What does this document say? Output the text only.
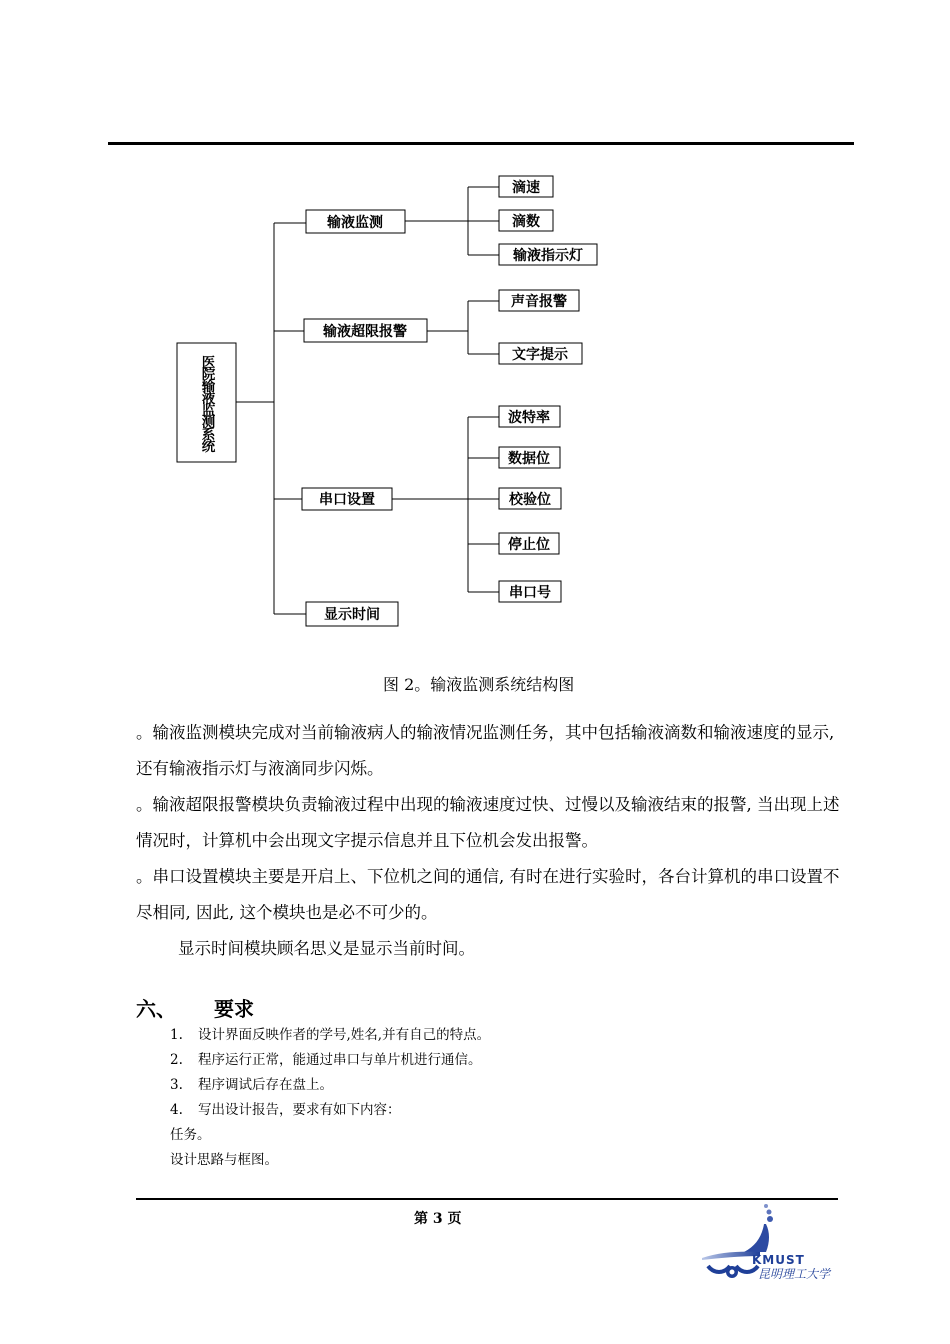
输液监测
输液超限报警
串口设置
显示时间
滴速
滴数
输液指示灯
声音报警
文字提示
波特率
数据位
校验位
停止位
串口号
医院输液监测系统
图 2。输液监测系统结构图
。输液监测模块完成对当前输液病人的输液情况监测任务，其中包括输液滴数和输液速度的显示, 还有输液指示灯与液滴同步闪烁。
。输液超限报警模块负责输液过程中出现的输液速度过快、过慢以及输液结束的报警, 当出现上述情况时，计算机中会出现文字提示信息并且下位机会发出报警。
。串口设置模块主要是开启上、下位机之间的通信, 有时在进行实验时，各台计算机的串口设置不尽相同, 因此, 这个模块也是必不可少的。
显示时间模块顾名思义是显示当前时间。
六、 要求
1. 设计界面反映作者的学号,姓名,并有自己的特点。
2. 程序运行正常，能通过串口与单片机进行通信。
3. 程序调试后存在盘上。
4. 写出设计报告，要求有如下内容：
任务。
设计思路与框图。
第 3 页
KMUST
昆明理工大学
